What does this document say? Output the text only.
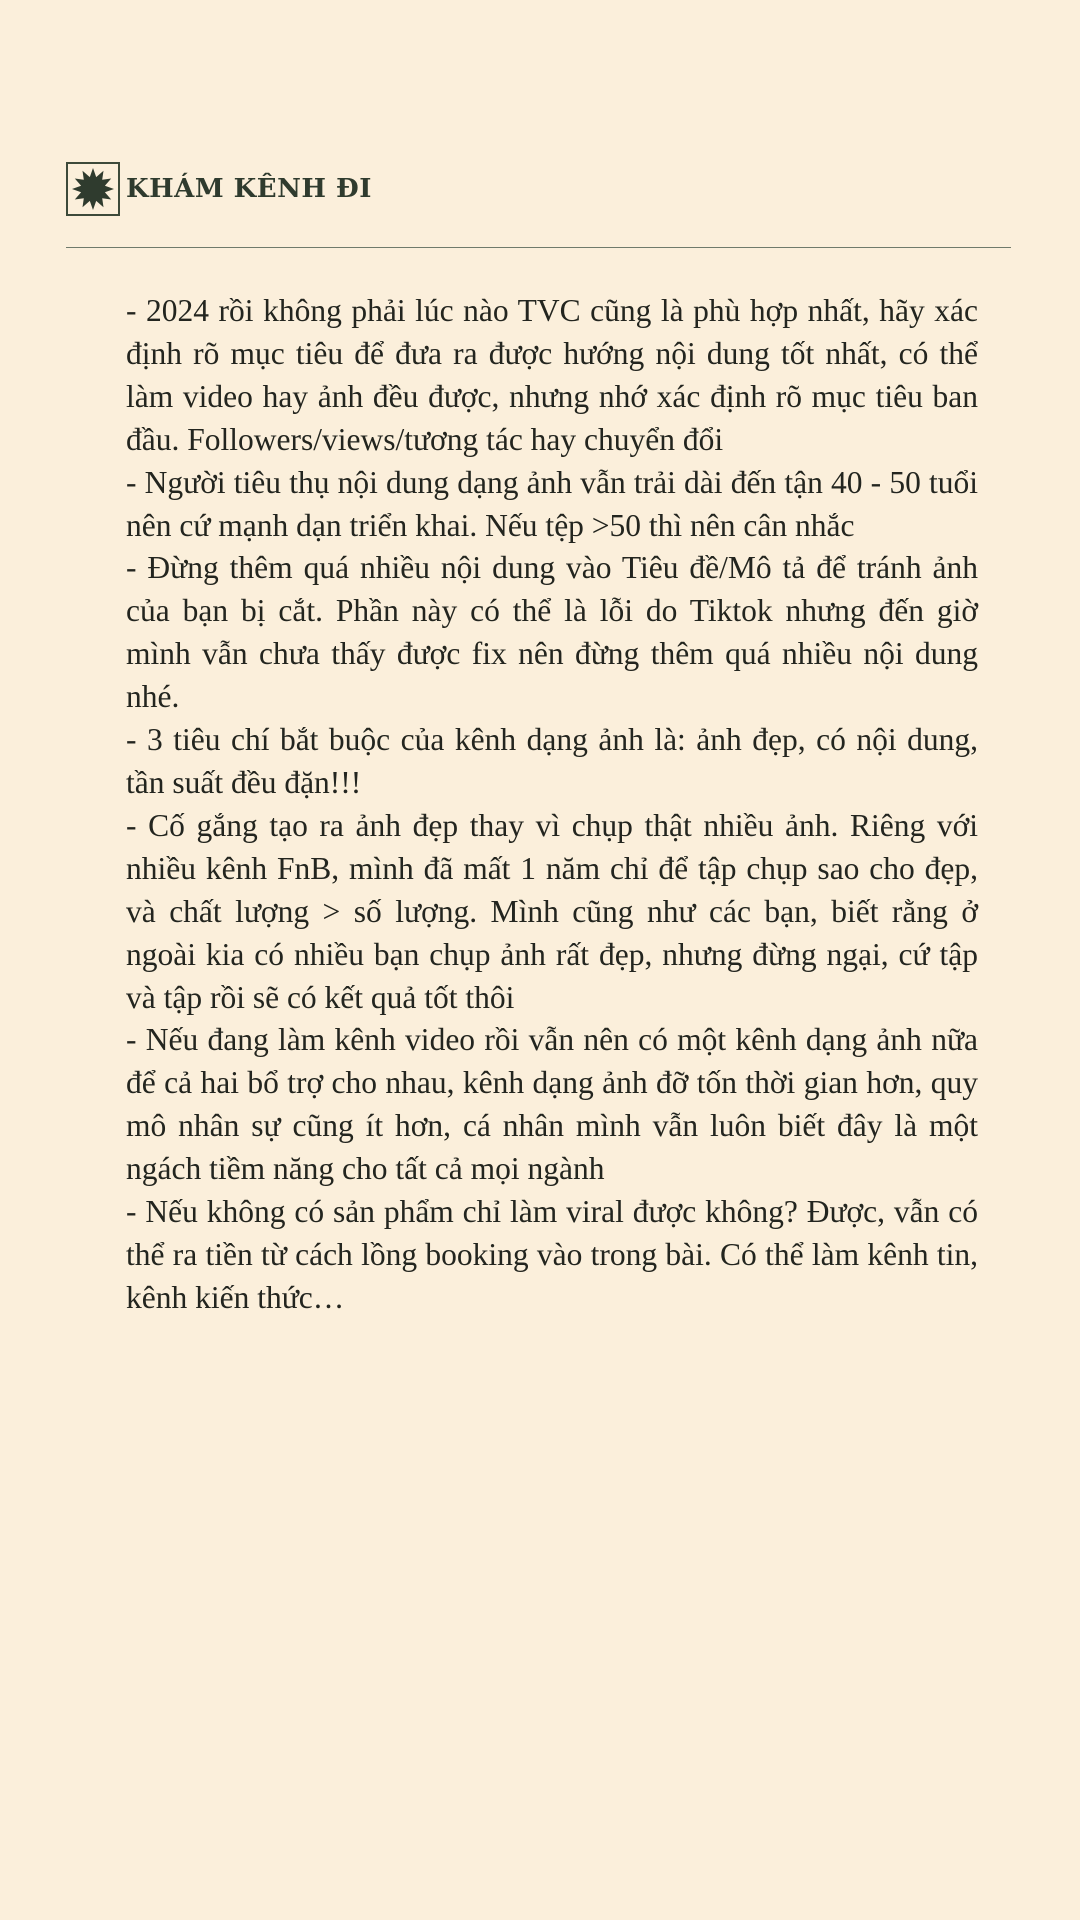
KHÁM KÊNH ĐI

- 2024 rồi không phải lúc nào TVC cũng là phù hợp nhất, hãy xác định rõ mục tiêu để đưa ra được hướng nội dung tốt nhất, có thể làm video hay ảnh đều được, nhưng nhớ xác định rõ mục tiêu ban đầu. Followers/views/tương tác hay chuyển đổi

- Người tiêu thụ nội dung dạng ảnh vẫn trải dài đến tận 40 - 50 tuổi nên cứ mạnh dạn triển khai. Nếu tệp >50 thì nên cân nhắc

- Đừng thêm quá nhiều nội dung vào Tiêu đề/Mô tả để tránh ảnh của bạn bị cắt. Phần này có thể là lỗi do Tiktok nhưng đến giờ mình vẫn chưa thấy được fix nên đừng thêm quá nhiều nội dung nhé.

- 3 tiêu chí bắt buộc của kênh dạng ảnh là: ảnh đẹp, có nội dung, tần suất đều đặn!!!

- Cố gắng tạo ra ảnh đẹp thay vì chụp thật nhiều ảnh. Riêng với nhiều kênh FnB, mình đã mất 1 năm chỉ để tập chụp sao cho đẹp, và chất lượng > số lượng. Mình cũng như các bạn, biết rằng ở ngoài kia có nhiều bạn chụp ảnh rất đẹp, nhưng đừng ngại, cứ tập và tập rồi sẽ có kết quả tốt thôi

- Nếu đang làm kênh video rồi vẫn nên có một kênh dạng ảnh nữa để cả hai bổ trợ cho nhau, kênh dạng ảnh đỡ tốn thời gian hơn, quy mô nhân sự cũng ít hơn, cá nhân mình vẫn luôn biết đây là một ngách tiềm năng cho tất cả mọi ngành

- Nếu không có sản phẩm chỉ làm viral được không? Được, vẫn có thể ra tiền từ cách lồng booking vào trong bài. Có thể làm kênh tin, kênh kiến thức…
